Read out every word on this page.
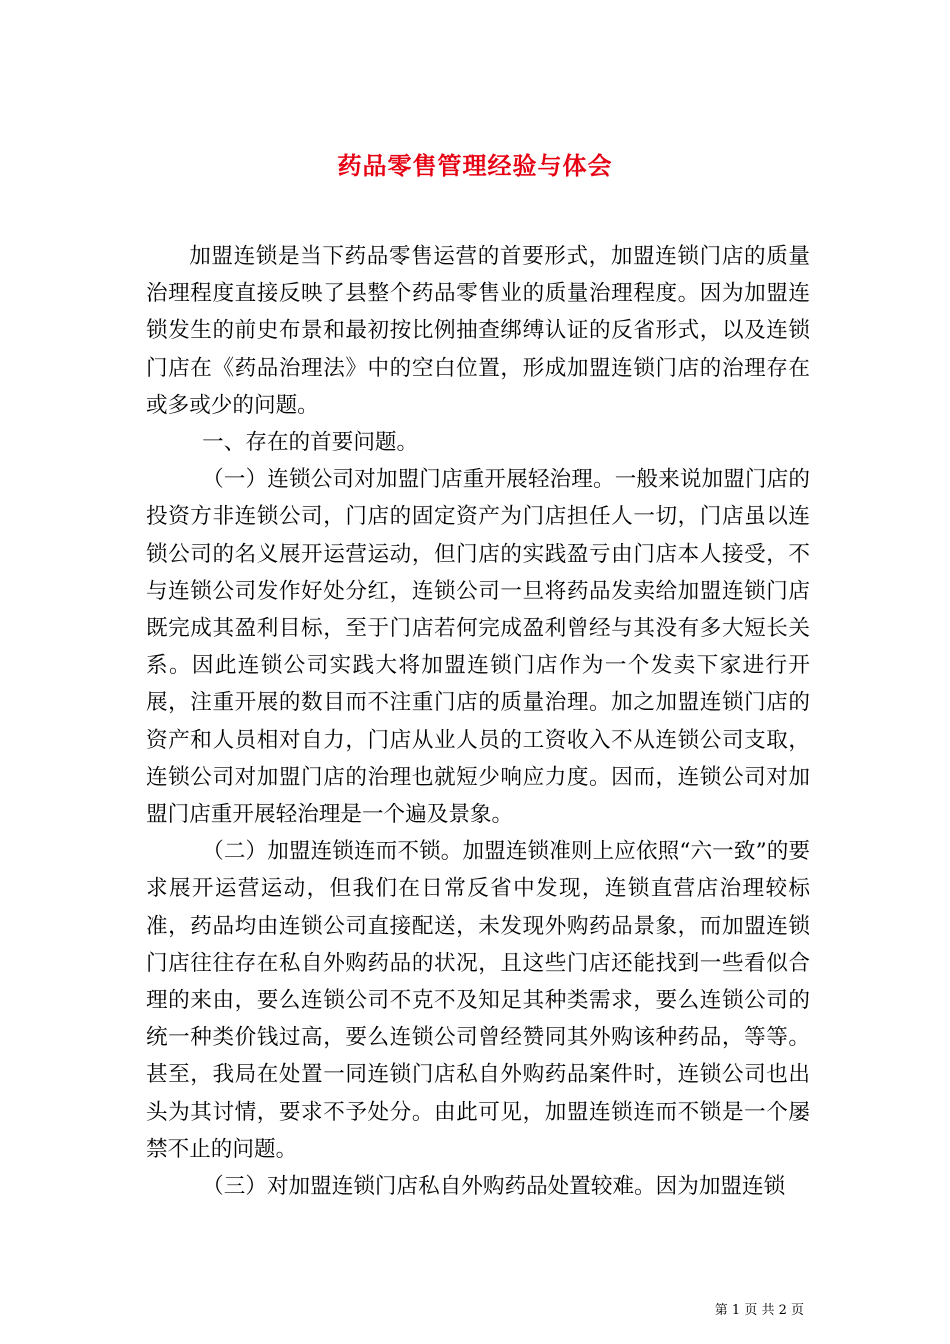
药品零售管理经验与体会

加盟连锁是当下药品零售运营的首要形式，加盟连锁门店的质量治理程度直接反映了县整个药品零售业的质量治理程度。因为加盟连锁发生的前史布景和最初按比例抽查绑缚认证的反省形式，以及连锁门店在《药品治理法》中的空白位置，形成加盟连锁门店的治理存在或多或少的问题。

一、存在的首要问题。

（一）连锁公司对加盟门店重开展轻治理。一般来说加盟门店的投资方非连锁公司，门店的固定资产为门店担任人一切，门店虽以连锁公司的名义展开运营运动，但门店的实践盈亏由门店本人接受，不与连锁公司发作好处分红，连锁公司一旦将药品发卖给加盟连锁门店既完成其盈利目标，至于门店若何完成盈利曾经与其没有多大短长关系。因此连锁公司实践大将加盟连锁门店作为一个发卖下家进行开展，注重开展的数目而不注重门店的质量治理。加之加盟连锁门店的资产和人员相对自力，门店从业人员的工资收入不从连锁公司支取，连锁公司对加盟门店的治理也就短少响应力度。因而，连锁公司对加盟门店重开展轻治理是一个遍及景象。

（二）加盟连锁连而不锁。加盟连锁准则上应依照“六一致”的要求展开运营运动，但我们在日常反省中发现，连锁直营店治理较标准，药品均由连锁公司直接配送，未发现外购药品景象，而加盟连锁门店往往存在私自外购药品的状况，且这些门店还能找到一些看似合理的来由，要么连锁公司不克不及知足其种类需求，要么连锁公司的统一种类价钱过高，要么连锁公司曾经赞同其外购该种药品，等等。甚至，我局在处置一同连锁门店私自外购药品案件时，连锁公司也出头为其讨情，要求不予处分。由此可见，加盟连锁连而不锁是一个屡禁不止的问题。

（三）对加盟连锁门店私自外购药品处置较难。因为加盟连锁

第 1 页 共 2 页
